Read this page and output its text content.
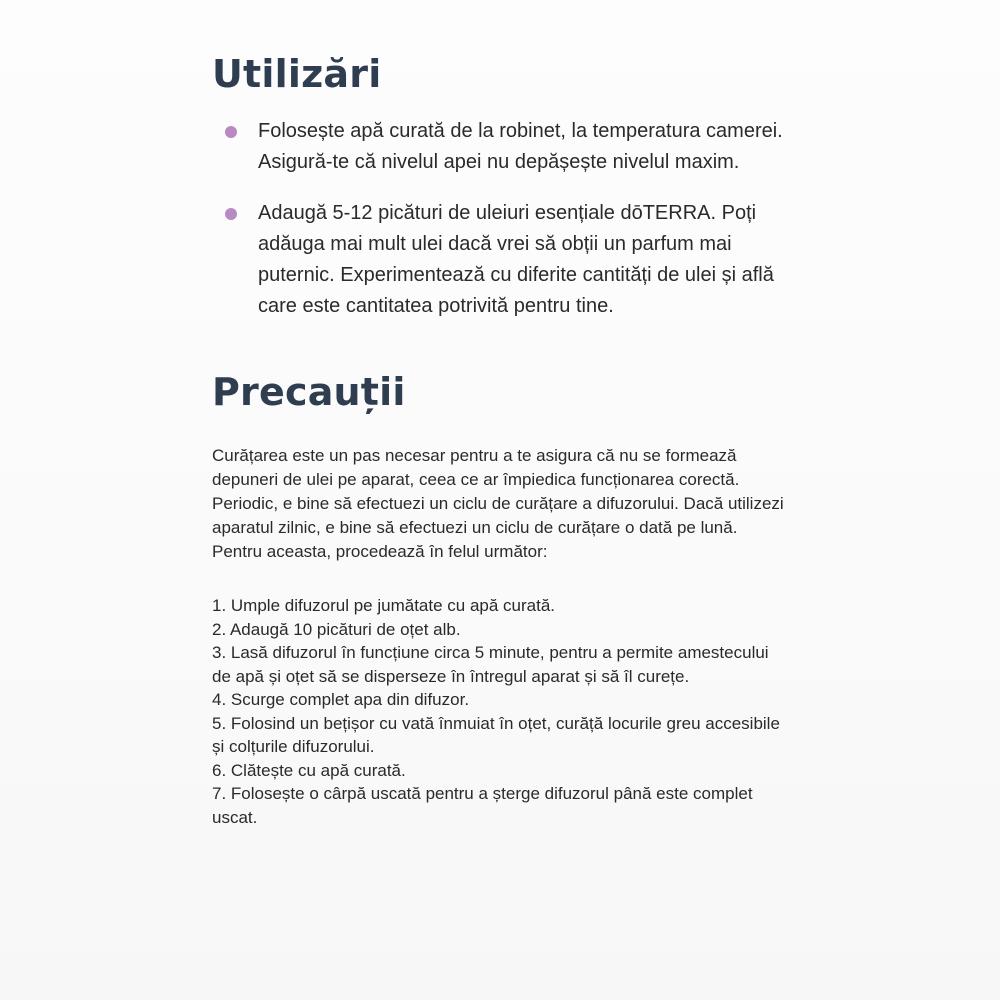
Utilizări
Folosește apă curată de la robinet, la temperatura camerei. Asigură-te că nivelul apei nu depășește nivelul maxim.
Adaugă 5-12 picături de uleiuri esențiale dōTERRA. Poți adăuga mai mult ulei dacă vrei să obții un parfum mai puternic. Experimentează cu diferite cantități de ulei și află care este cantitatea potrivită pentru tine.
Precauții

Curățarea este un pas necesar pentru a te asigura că nu se formează depuneri de ulei pe aparat, ceea ce ar împiedica funcționarea corectă. Periodic, e bine să efectuezi un ciclu de curățare a difuzorului. Dacă utilizezi aparatul zilnic, e bine să efectuezi un ciclu de curățare o dată pe lună. Pentru aceasta, procedează în felul următor:

1. Umple difuzorul pe jumătate cu apă curată.
2. Adaugă 10 picături de oțet alb.
3. Lasă difuzorul în funcțiune circa 5 minute, pentru a permite amestecului de apă și oțet să se disperseze în întregul aparat și să îl curețe.
4. Scurge complet apa din difuzor.
5. Folosind un bețișor cu vată înmuiat în oțet, curăță locurile greu accesibile și colțurile difuzorului.
6. Clătește cu apă curată.
7. Folosește o cârpă uscată pentru a șterge difuzorul până este complet uscat.
